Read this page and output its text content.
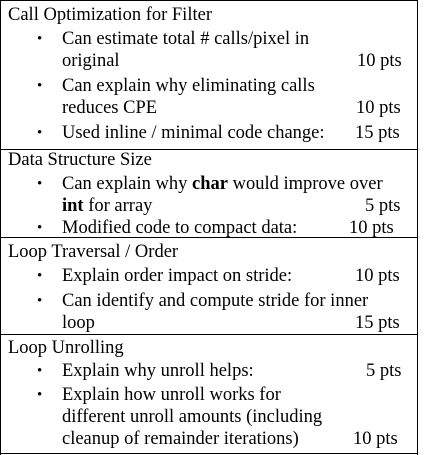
Call Optimization for Filter
• Can estimate total # calls/pixel in
original	10 pts
• Can explain why eliminating calls
reduces CPE	10 pts
• Used inline / minimal code change: 15 pts
Data Structure Size
• Can explain why char would improve over
int for array	5 pts
• Modified code to compact data:	10 pts
Loop Traversal / Order
• Explain order impact on stride:	10 pts
• Can identify and compute stride for inner
loop	15 pts
Loop Unrolling
• Explain why unroll helps:	5 pts
• Explain how unroll works for
different unroll amounts (including
cleanup of remainder iterations)	10 pts
